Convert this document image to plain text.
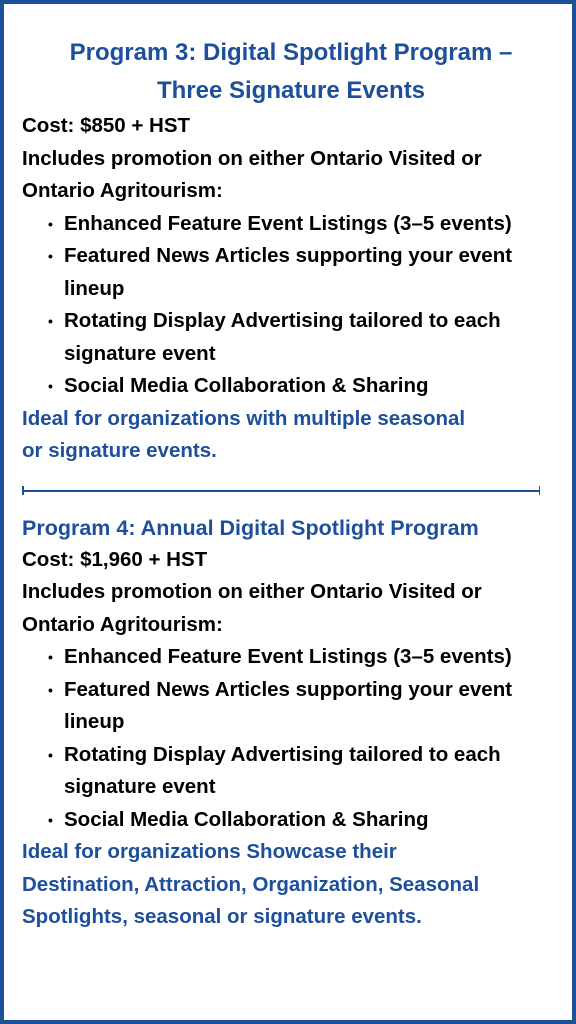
Program 3: Digital Spotlight Program –
Three Signature Events

Cost: $850 + HST

Includes promotion on either Ontario Visited or
Ontario Agritourism:

• Enhanced Feature Event Listings (3–5 events)
• Featured News Articles supporting your event lineup
• Rotating Display Advertising tailored to each signature event
• Social Media Collaboration & Sharing

Ideal for organizations with multiple seasonal
or signature events.

Program 4: Annual Digital Spotlight Program

Cost: $1,960 + HST

Includes promotion on either Ontario Visited or
Ontario Agritourism:

• Enhanced Feature Event Listings (3–5 events)
• Featured News Articles supporting your event lineup
• Rotating Display Advertising tailored to each signature event
• Social Media Collaboration & Sharing

Ideal for organizations Showcase their
Destination, Attraction, Organization, Seasonal
Spotlights, seasonal or signature events.
